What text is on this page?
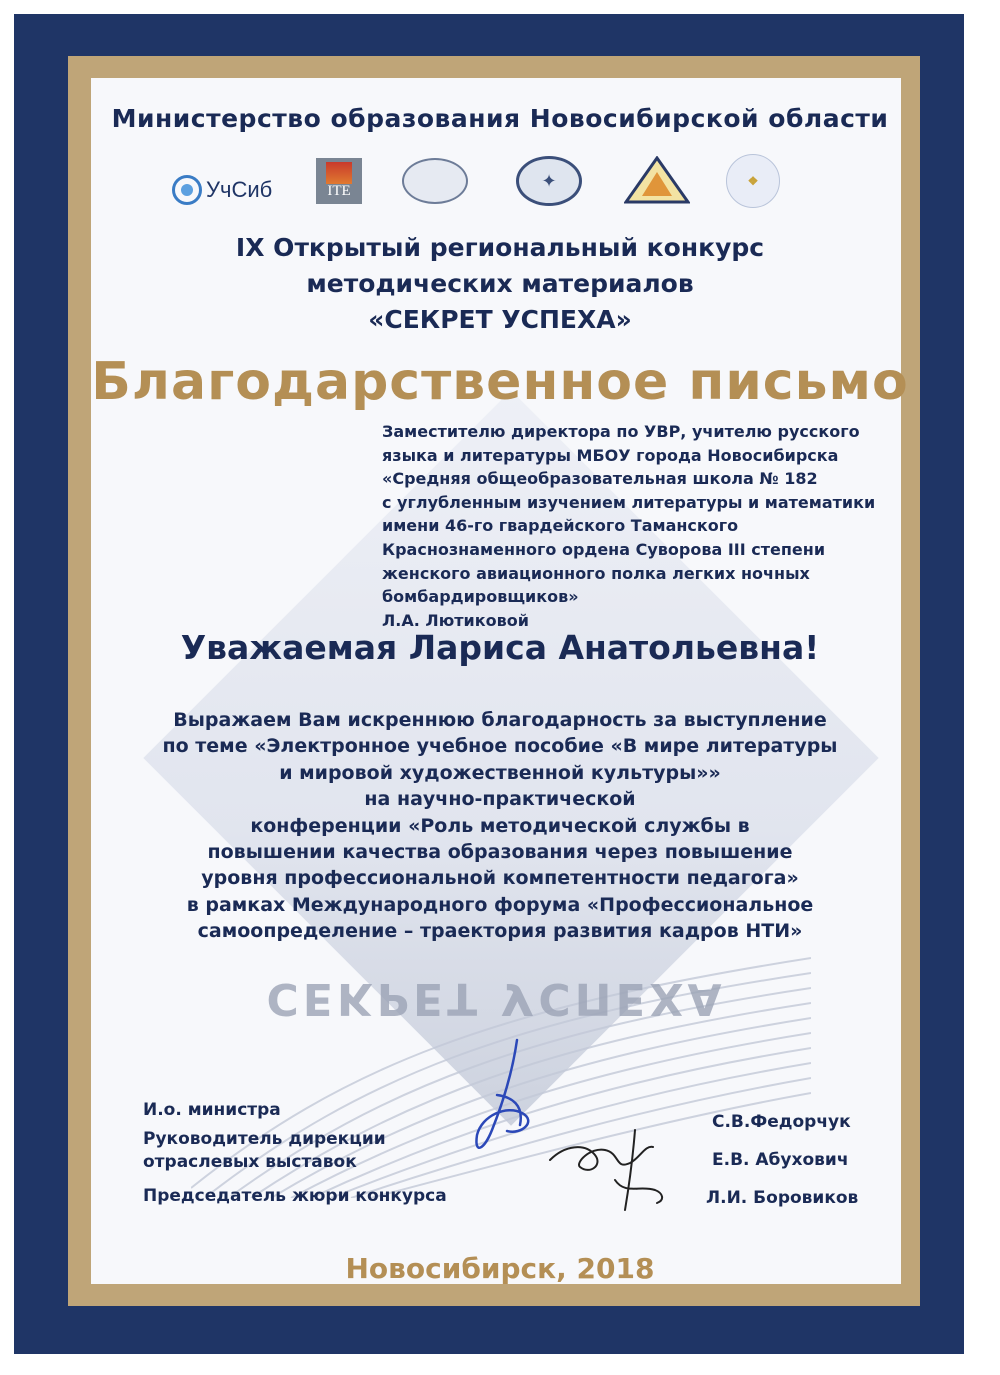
СЕКРЕТ УСПЕХА
Министерство образования Новосибирской области
УчСиб	ITE
✦	❖
IX Открытый региональный конкурс
методических материалов
«СЕКРЕТ УСПЕХА»
Благодарственное письмо
Заместителю директора по УВР, учителю русского
языка и литературы МБОУ города Новосибирска
«Средняя общеобразовательная школа № 182
с углубленным изучением литературы и математики
имени 46-го гвардейского Таманского
Краснознаменного ордена Суворова III степени
женского авиационного полка легких ночных
бомбардировщиков»
Л.А. Лютиковой
Уважаемая Лариса Анатольевна!
Выражаем Вам искреннюю благодарность за выступление
по теме «Электронное учебное пособие «В мире литературы
и мировой художественной культуры»»
на научно-практической
конференции «Роль методической службы в
повышении качества образования через повышение
уровня профессиональной компетентности педагога»
в рамках Международного форума «Профессиональное
самоопределение – траектория развития кадров НТИ»
И.о. министра
Руководитель дирекции отраслевых выставок
Председатель жюри конкурса
С.В.Федорчук
Е.В. Абухович
Л.И. Боровиков
Новосибирск, 2018
